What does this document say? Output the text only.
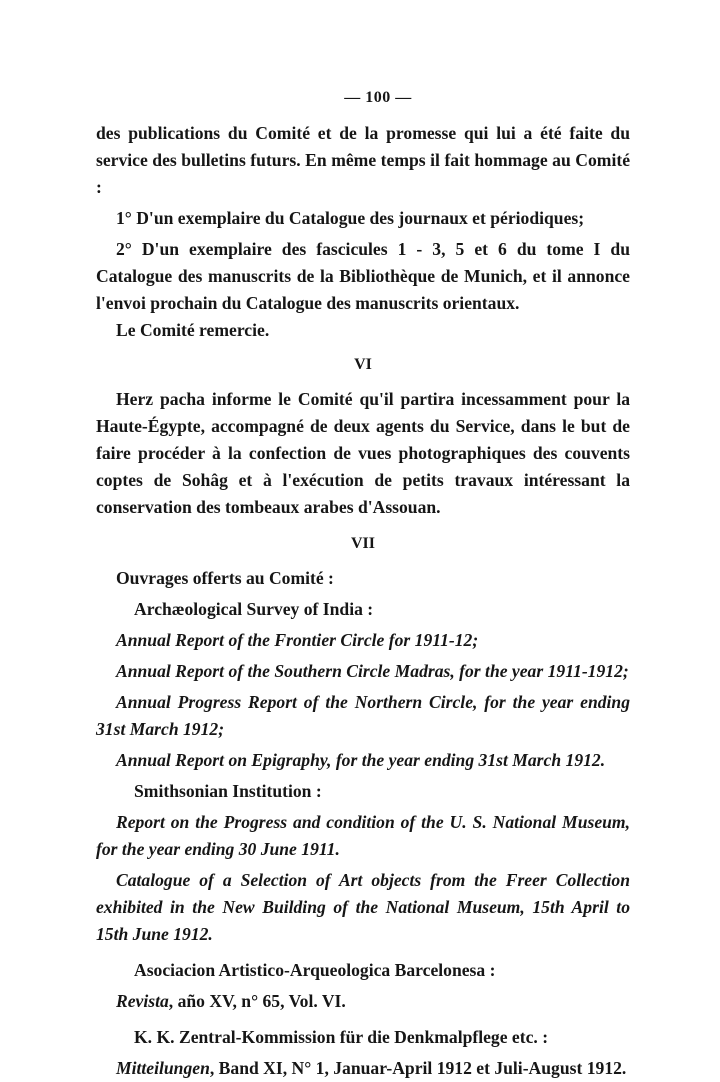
— 100 —

des publications du Comité et de la promesse qui lui a été faite du service des bulletins futurs. En même temps il fait hommage au Comité :

1° D'un exemplaire du Catalogue des journaux et périodiques;

2° D'un exemplaire des fascicules 1 - 3, 5 et 6 du tome I du Catalogue des manuscrits de la Bibliothèque de Munich, et il annonce l'envoi prochain du Catalogue des manuscrits orientaux.

Le Comité remercie.

VI

Herz pacha informe le Comité qu'il partira incessamment pour la Haute-Égypte, accompagné de deux agents du Service, dans le but de faire procéder à la confection de vues photographiques des couvents coptes de Sohâg et à l'exécution de petits travaux intéressant la conservation des tombeaux arabes d'Assouan.

VII

Ouvrages offerts au Comité :

Archæological Survey of India :

Annual Report of the Frontier Circle for 1911-12;

Annual Report of the Southern Circle Madras, for the year 1911-1912;

Annual Progress Report of the Northern Circle, for the year ending 31st March 1912;

Annual Report on Epigraphy, for the year ending 31st March 1912.

Smithsonian Institution :

Report on the Progress and condition of the U. S. National Museum, for the year ending 30 June 1911.

Catalogue of a Selection of Art objects from the Freer Collection exhibited in the New Building of the National Museum, 15th April to 15th June 1912.

Asociacion Artistico-Arqueologica Barcelonesa :

Revista, año XV, n° 65, Vol. VI.

K. K. Zentral-Kommission für die Denkmalpflege etc. :

Mitteilungen, Band XI, N° 1, Januar-April 1912 et Juli-August 1912.
